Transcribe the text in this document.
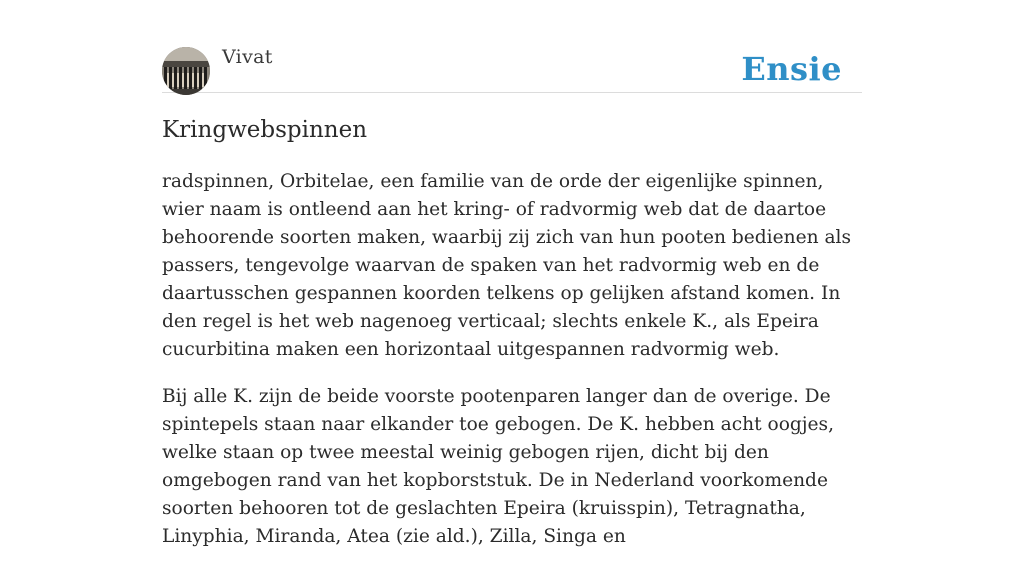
Vivat	Ensie
Kringwebspinnen

radspinnen, Orbitelae, een familie van de orde der eigenlijke spinnen, wier naam is ontleend aan het kring- of radvormig web dat de daartoe behoorende soorten maken, waarbij zij zich van hun pooten bedienen als passers, tengevolge waarvan de spaken van het radvormig web en de daartusschen gespannen koorden telkens op gelijken afstand komen. In den regel is het web nagenoeg verticaal; slechts enkele K., als Epeira cucurbitina maken een horizontaal uitgespannen radvormig web.

Bij alle K. zijn de beide voorste pootenparen langer dan de overige. De spintepels staan naar elkander toe gebogen. De K. hebben acht oogjes, welke staan op twee meestal weinig gebogen rijen, dicht bij den omgebogen rand van het kopborststuk. De in Nederland voorkomende soorten behooren tot de geslachten Epeira (kruisspin), Tetragnatha, Linyphia, Miranda, Atea (zie ald.), Zilla, Singa en
